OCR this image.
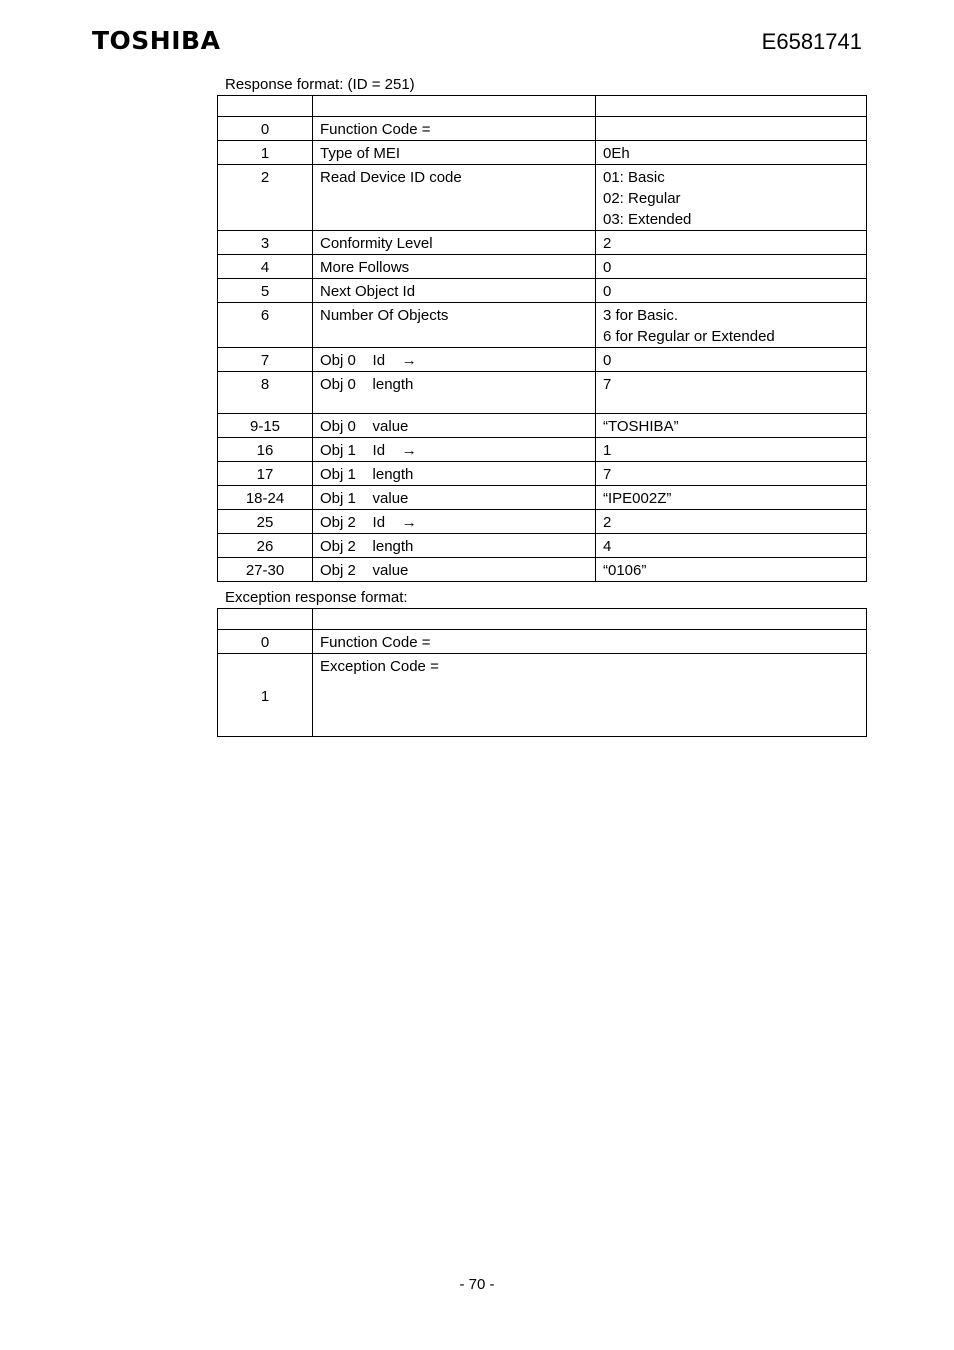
TOSHIBA	E6581741
Response format: (ID = 251)

0	Function Code =	
1	Type of MEI	0Eh
2	Read Device ID code	01: Basic
02: Regular
03: Extended
3	Conformity Level	2
4	More Follows	0
5	Next Object Id	0
6	Number Of Objects	3 for Basic.
6 for Regular or Extended
7	Obj 0    Id    →	0
8	Obj 0    length	7
9-15	Obj 0    value	“TOSHIBA”
16	Obj 1    Id    →	1
17	Obj 1    length	7
18-24	Obj 1    value	“IPE002Z”
25	Obj 2    Id    →	2
26	Obj 2    length	4
27-30	Obj 2    value	“0106”
Exception response format:

0	Function Code =
1	Exception Code =
- 70 -
